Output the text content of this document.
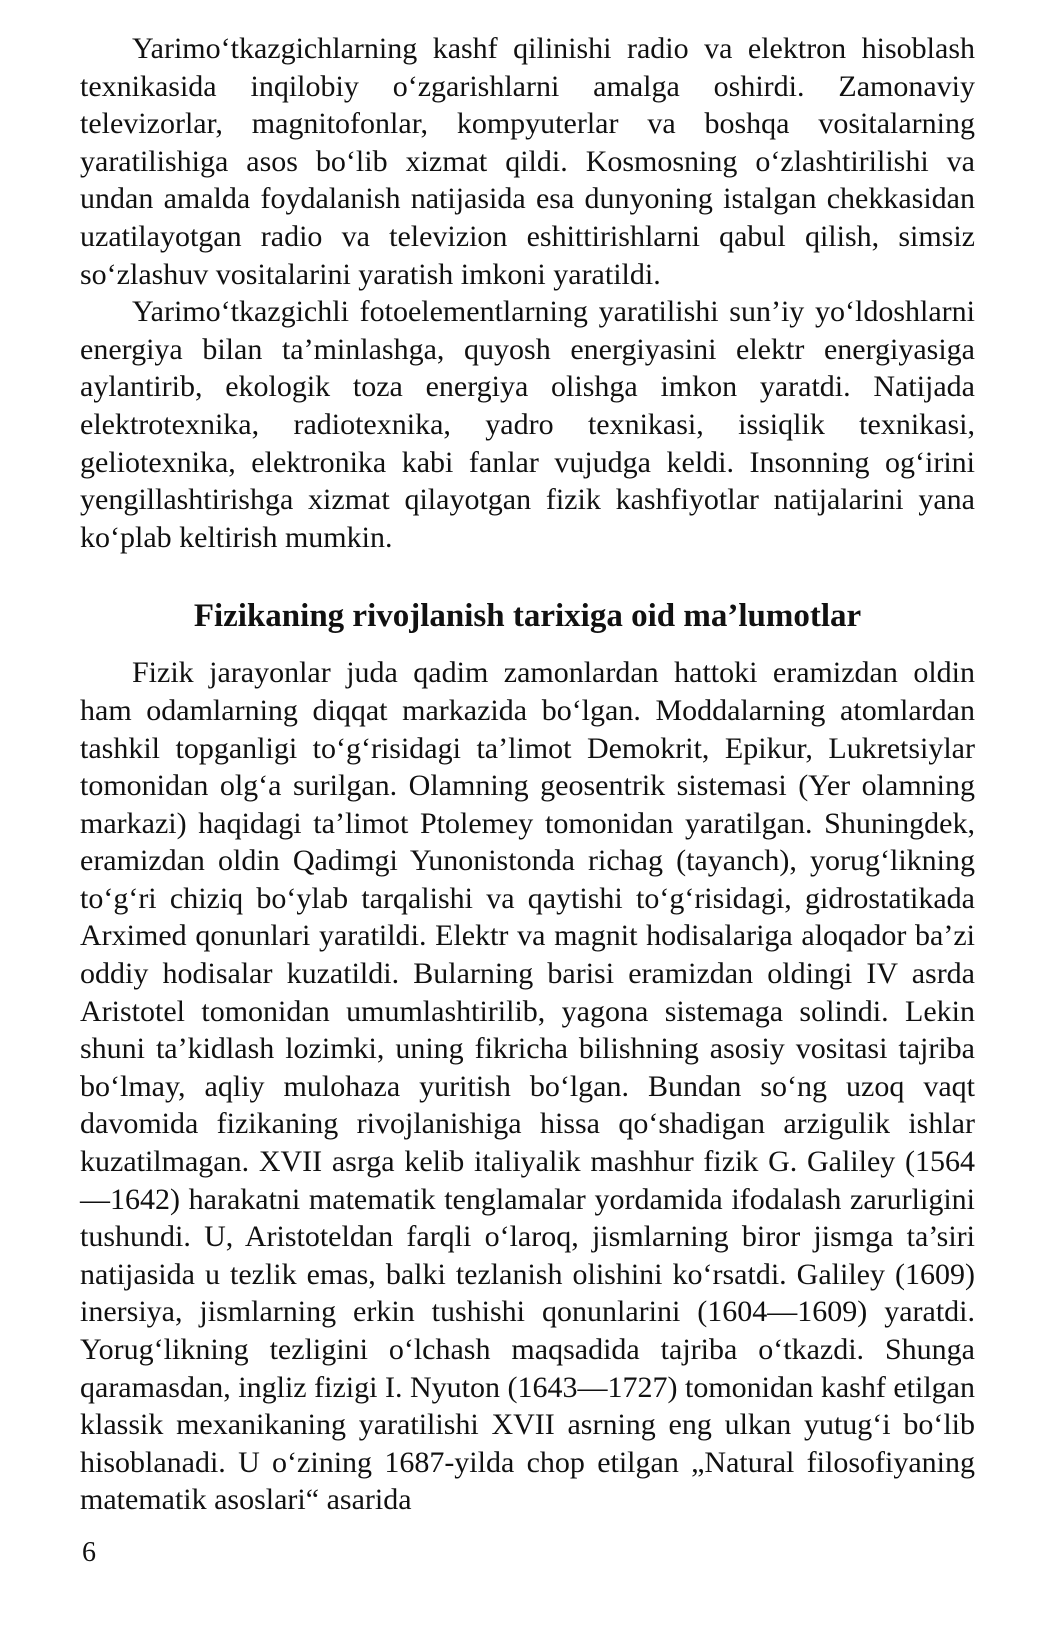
Yarimo‘tkazgichlarning kashf qilinishi radio va elektron hisoblash texnikasida inqilobiy o‘zgarishlarni amalga oshirdi. Zamonaviy televizorlar, magnitofonlar, kompyuterlar va boshqa vositalarning yaratilishiga asos bo‘lib xizmat qildi. Kosmosning o‘zlashtirilishi va undan amalda foydalanish natijasida esa dunyoning istalgan chekkasidan uzatilayotgan radio va televizion eshittirishlarni qabul qilish, simsiz so‘zlashuv vositalarini yaratish imkoni yaratildi.

Yarimo‘tkazgichli fotoelementlarning yaratilishi sun’iy yo‘ldoshlarni energiya bilan ta’minlashga, quyosh energiyasini elektr energiyasiga aylantirib, ekologik toza energiya olishga imkon yaratdi. Natijada elektrotexnika, radiotexnika, yadro texnikasi, issiqlik texnikasi, geliotexnika, elektronika kabi fanlar vujudga keldi. Insonning og‘irini yengillashtirishga xizmat qilayotgan fizik kashfiyotlar natijalarini yana ko‘plab keltirish mumkin.

Fizikaning rivojlanish tarixiga oid ma’lumotlar

Fizik jarayonlar juda qadim zamonlardan hattoki eramizdan oldin ham odamlarning diqqat markazida bo‘lgan. Moddalarning atomlardan tashkil topganligi to‘g‘risidagi ta’limot Demokrit, Epikur, Lukretsiylar tomonidan olg‘a surilgan. Olamning geosentrik sistemasi (Yer olamning markazi) haqidagi ta’limot Ptolemey tomonidan yaratilgan. Shuningdek, eramizdan oldin Qadimgi Yunonistonda richag (tayanch), yorug‘likning to‘g‘ri chiziq bo‘ylab tarqalishi va qaytishi to‘g‘risidagi, gidrostatikada Arximed qonunlari yaratildi. Elektr va magnit hodisalariga aloqador ba’zi oddiy hodisalar kuzatildi. Bularning barisi eramizdan oldingi IV asrda Aristotel tomonidan umumlashtirilib, yagona sistemaga solindi. Lekin shuni ta’kidlash lozimki, uning fikricha bilishning asosiy vositasi tajriba bo‘lmay, aqliy mulohaza yuritish bo‘lgan. Bundan so‘ng uzoq vaqt davomida fizikaning rivojlanishiga hissa qo‘shadigan arzigulik ishlar kuzatilmagan. XVII asrga kelib italiyalik mashhur fizik G. Galiley (1564—1642) harakatni matematik tenglamalar yordamida ifodalash zarurligini tushundi. U, Aristoteldan farqli o‘laroq, jismlarning biror jismga ta’siri natijasida u tezlik emas, balki tezlanish olishini ko‘rsatdi. Galiley (1609) inersiya, jismlarning erkin tushishi qonunlarini (1604—1609) yaratdi. Yorug‘likning tezligini o‘lchash maqsadida tajriba o‘tkazdi. Shunga qaramasdan, ingliz fizigi I. Nyuton (1643—1727) tomonidan kashf etilgan klassik mexanikaning yaratilishi XVII asrning eng ulkan yutug‘i bo‘lib hisoblanadi. U o‘zining 1687-yilda chop etilgan „Natural filosofiyaning matematik asoslari“ asarida

6
